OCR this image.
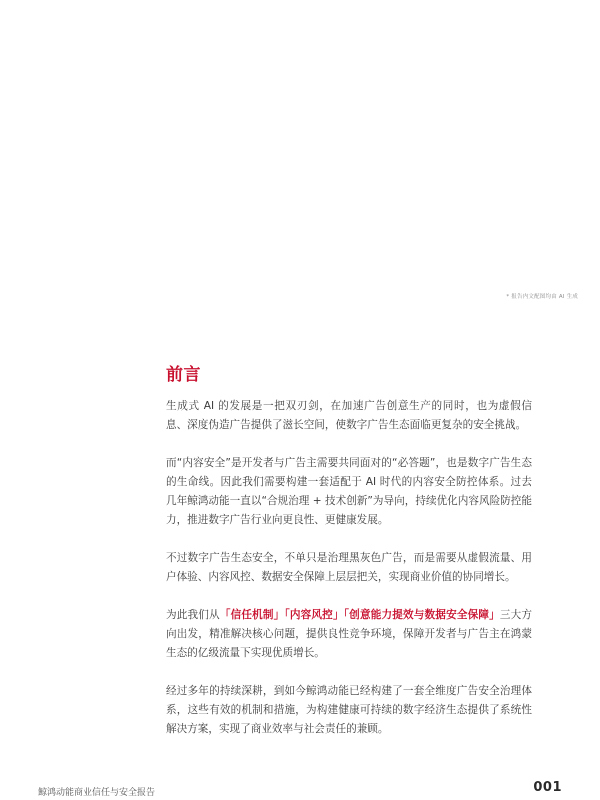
* 报告内文配图均由 AI 生成
前言

生成式 AI 的发展是一把双刃剑，在加速广告创意生产的同时，也为虚假信息、深度伪造广告提供了滋长空间，使数字广告生态面临更复杂的安全挑战。

而“内容安全”是开发者与广告主需要共同面对的“必答题”，也是数字广告生态的生命线。因此我们需要构建一套适配于 AI 时代的内容安全防控体系。过去几年鲸鸿动能一直以“合规治理 + 技术创新”为导向，持续优化内容风险防控能力，推进数字广告行业向更良性、更健康发展。

不过数字广告生态安全，不单只是治理黑灰色广告，而是需要从虚假流量、用户体验、内容风控、数据安全保障上层层把关，实现商业价值的协同增长。

为此我们从「信任机制」「内容风控」「创意能力提效与数据安全保障」三大方向出发，精准解决核心问题，提供良性竞争环境，保障开发者与广告主在鸿蒙生态的亿级流量下实现优质增长。

经过多年的持续深耕，到如今鲸鸿动能已经构建了一套全维度广告安全治理体系，这些有效的机制和措施，为构建健康可持续的数字经济生态提供了系统性解决方案，实现了商业效率与社会责任的兼顾。

鲸鸿动能商业信任与安全报告	001
